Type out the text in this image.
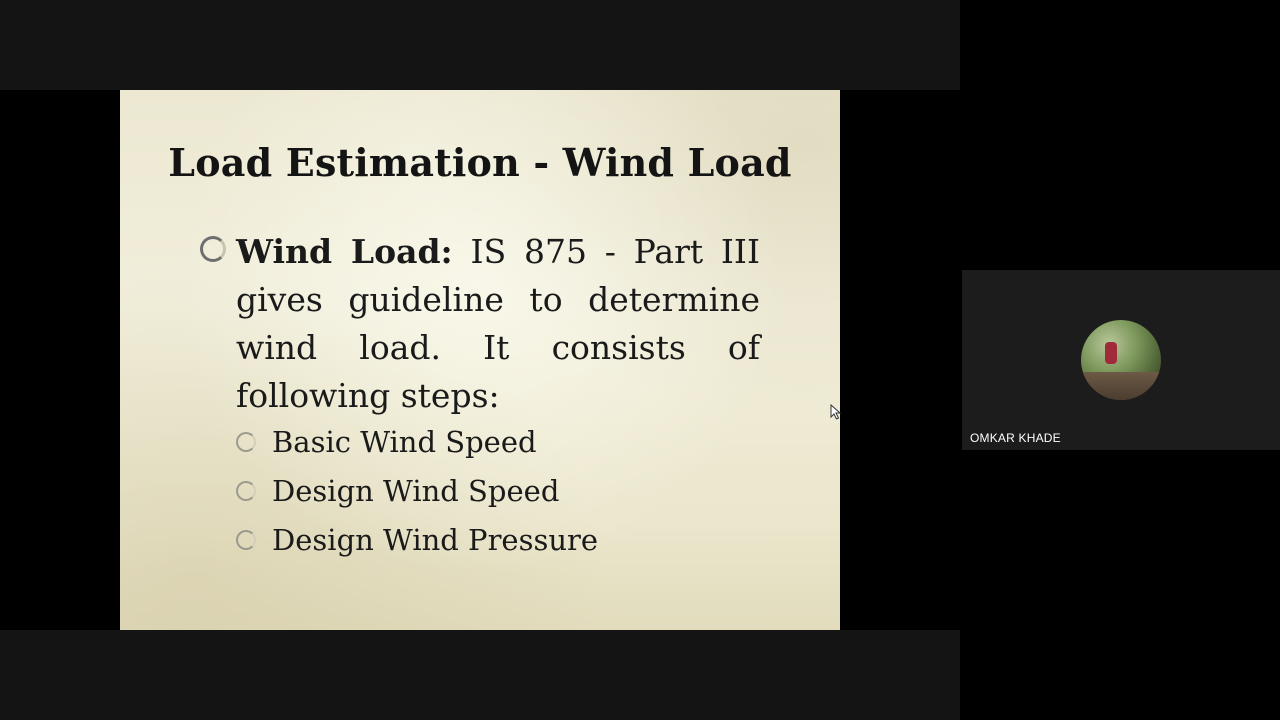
Load Estimation - Wind Load
Wind Load: IS 875 - Part III gives guideline to determine wind load. It consists of following steps:
Basic Wind Speed
Design Wind Speed
Design Wind Pressure
OMKAR KHADE
